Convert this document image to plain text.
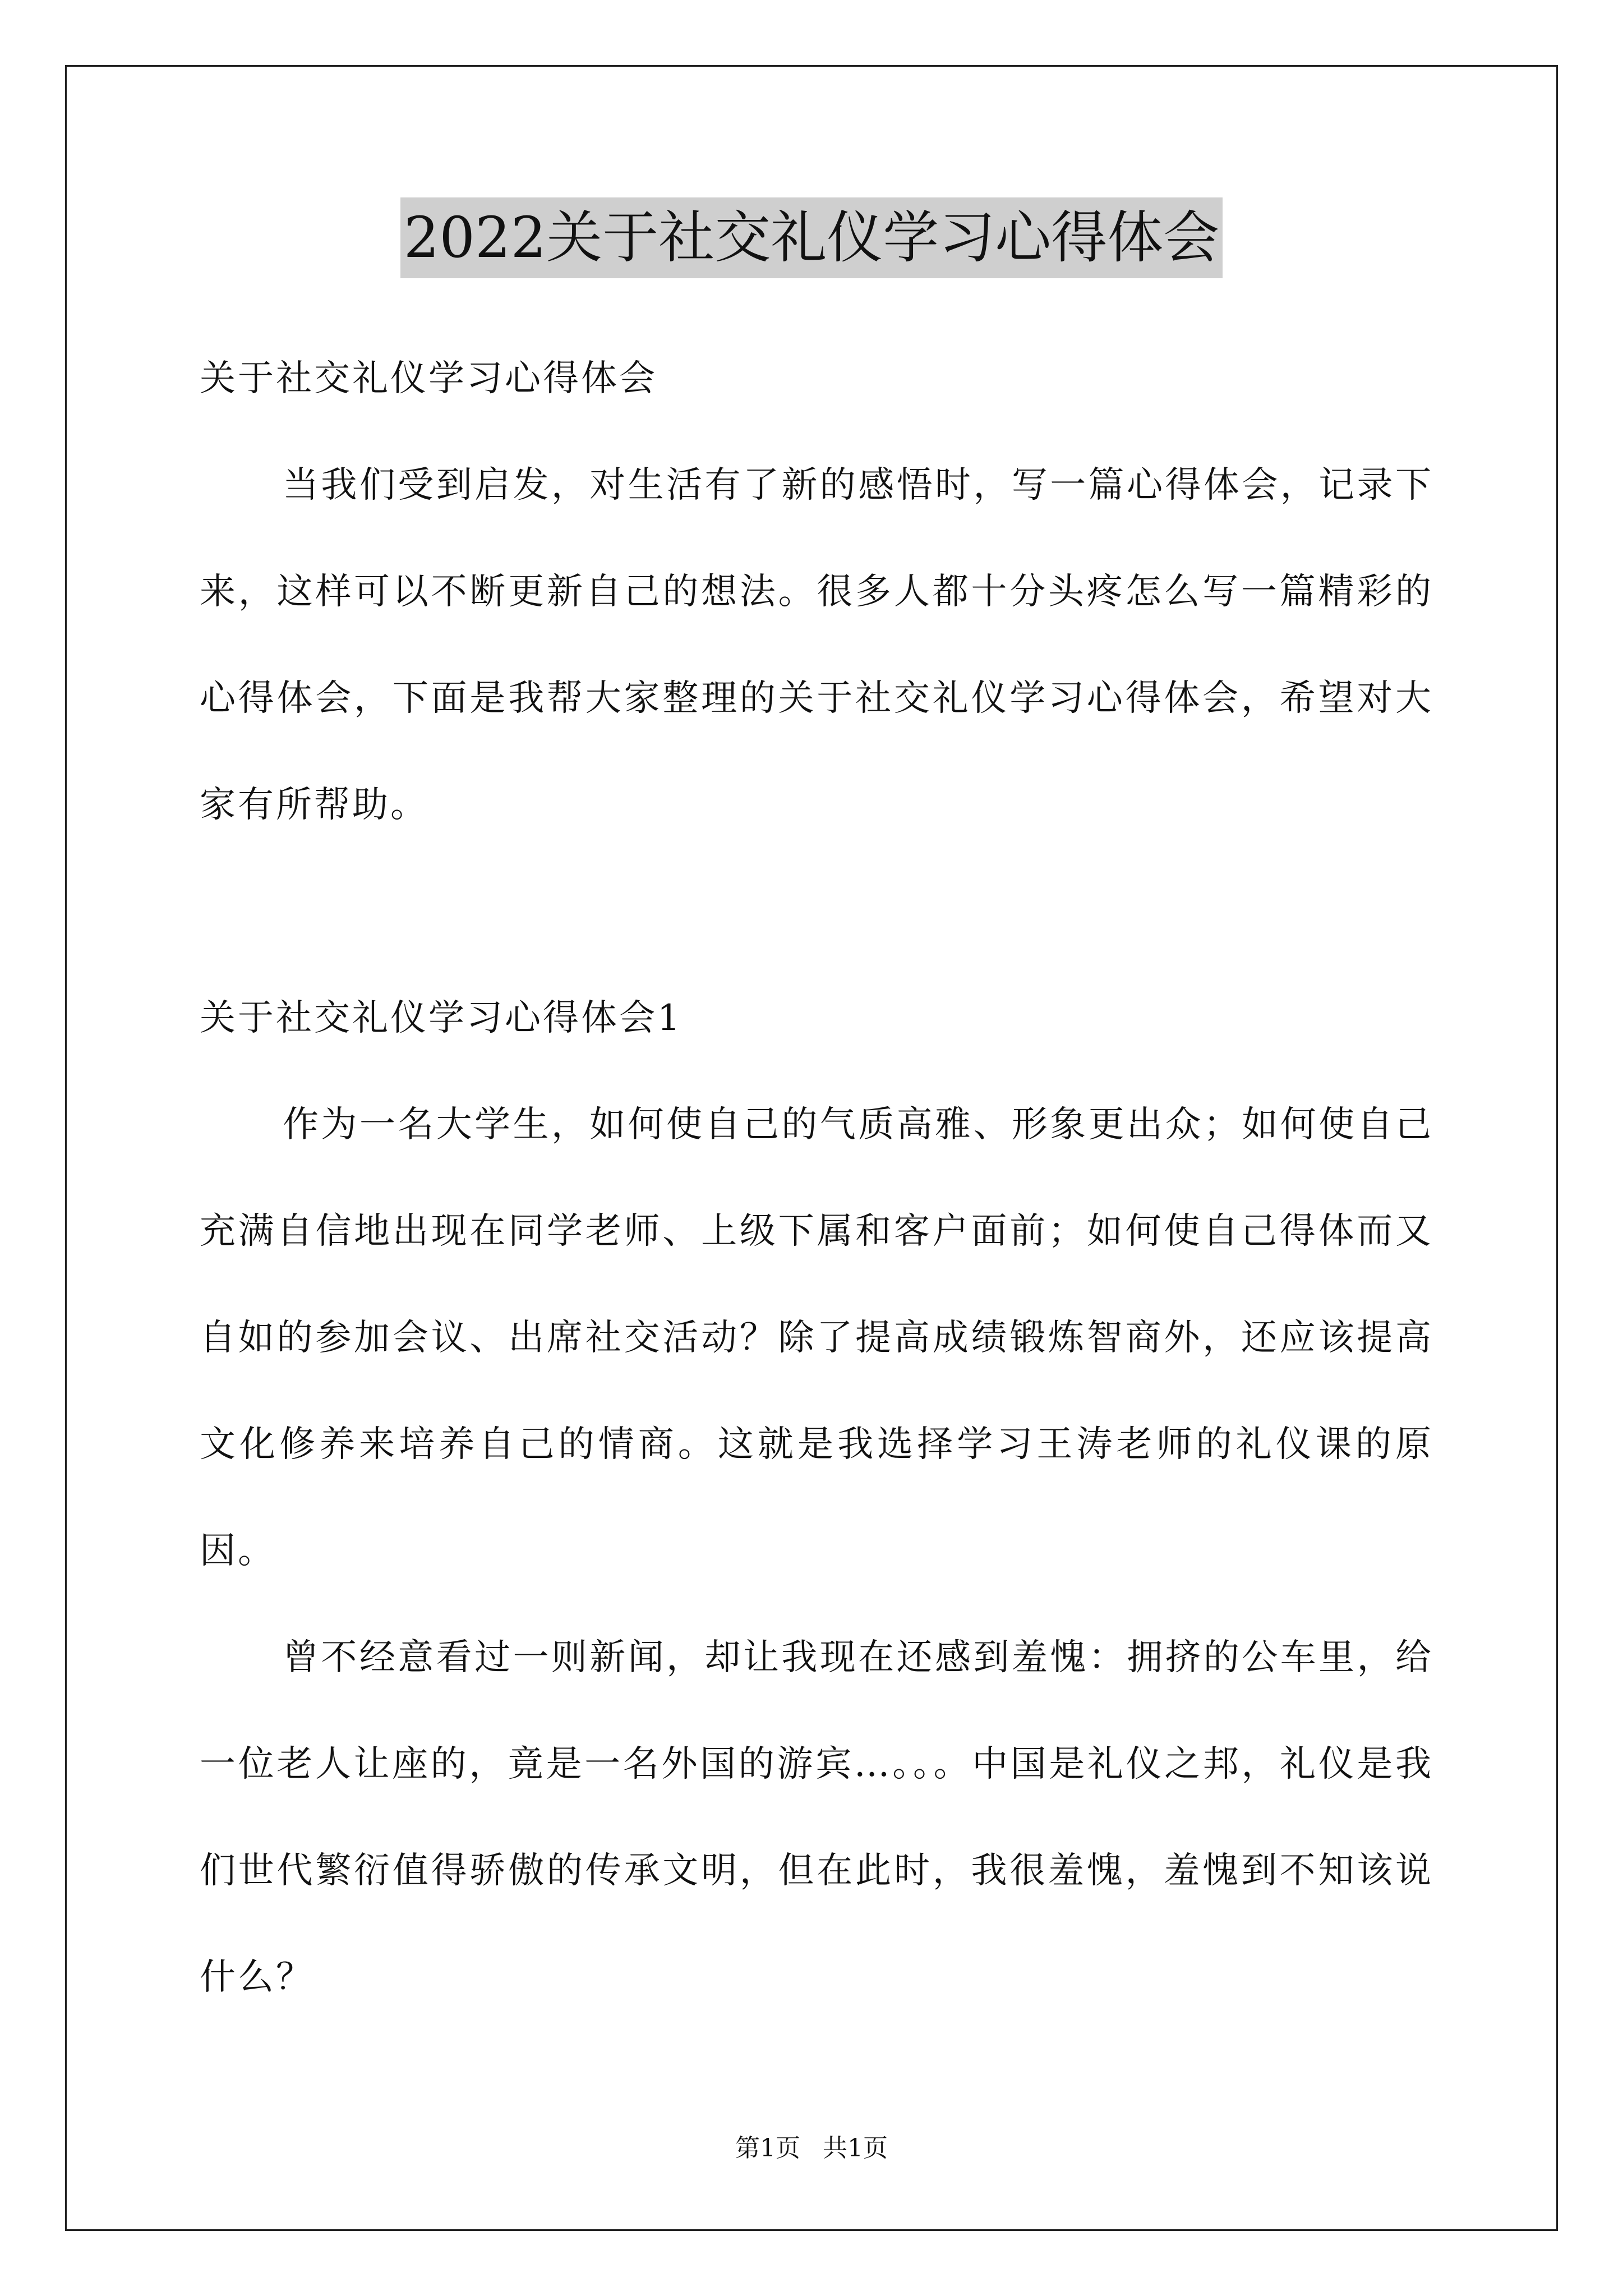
2022关于社交礼仪学习心得体会

关于社交礼仪学习心得体会

当我们受到启发，对生活有了新的感悟时，写一篇心得体会，记录下来，这样可以不断更新自己的想法。很多人都十分头疼怎么写一篇精彩的心得体会，下面是我帮大家整理的关于社交礼仪学习心得体会，希望对大家有所帮助。

关于社交礼仪学习心得体会1

作为一名大学生，如何使自己的气质高雅、形象更出众；如何使自己充满自信地出现在同学老师、上级下属和客户面前；如何使自己得体而又自如的参加会议、出席社交活动？除了提高成绩锻炼智商外，还应该提高文化修养来培养自己的情商。这就是我选择学习王涛老师的礼仪课的原因。

曾不经意看过一则新闻，却让我现在还感到羞愧：拥挤的公车里，给一位老人让座的，竟是一名外国的游宾…。。。中国是礼仪之邦，礼仪是我们世代繁衍值得骄傲的传承文明，但在此时，我很羞愧，羞愧到不知该说什么？

第1页 共1页
